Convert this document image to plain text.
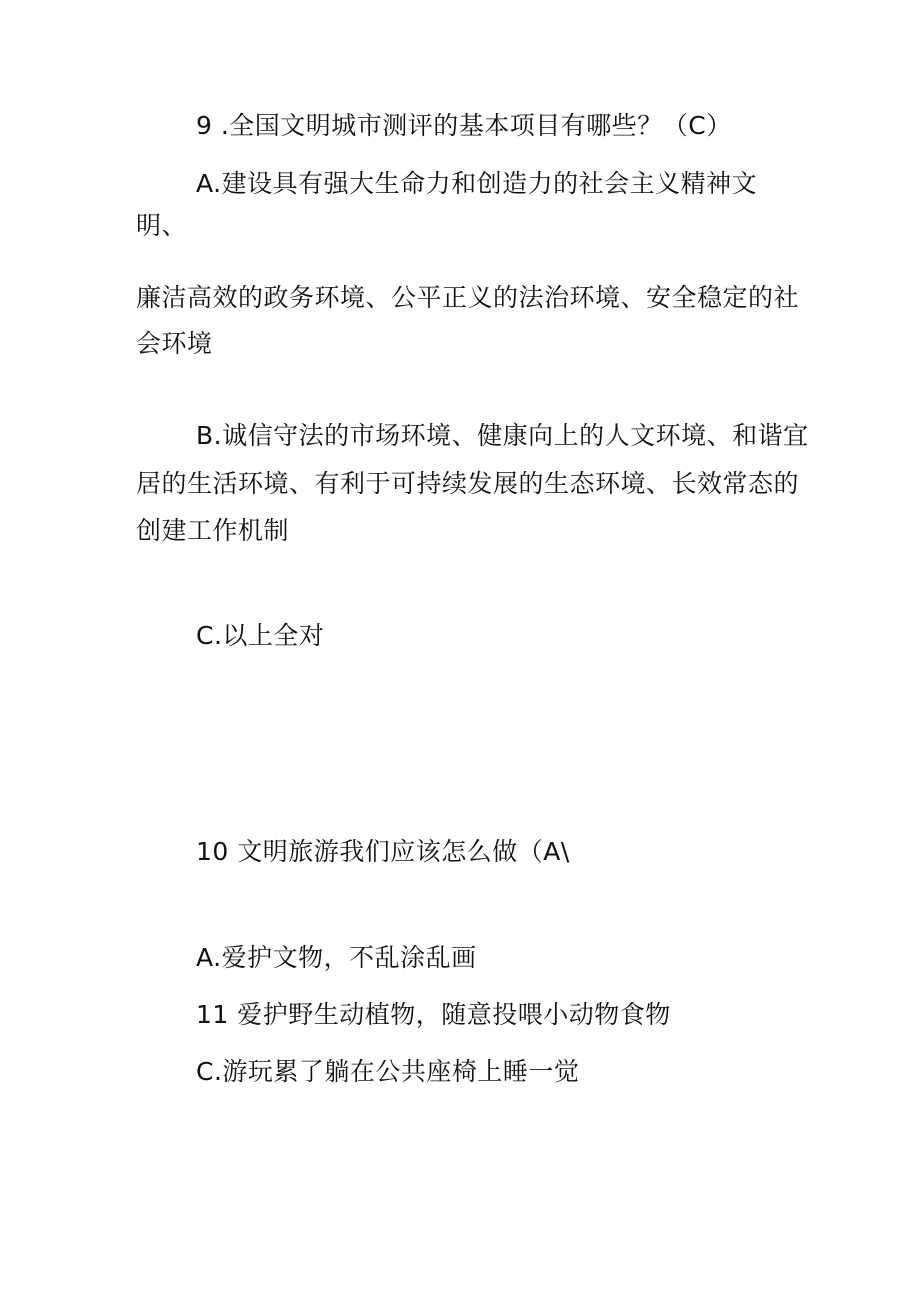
9 .全国文明城市测评的基本项目有哪些？（C）
A.建设具有强大生命力和创造力的社会主义精神文
明、
廉洁高效的政务环境、公平正义的法治环境、安全稳定的社
会环境
B.诚信守法的市场环境、健康向上的人文环境、和谐宜
居的生活环境、有利于可持续发展的生态环境、长效常态的
创建工作机制
C.以上全对
10 文明旅游我们应该怎么做（A\
A.爱护文物，不乱涂乱画
11 爱护野生动植物，随意投喂小动物食物
C.游玩累了躺在公共座椅上睡一觉
